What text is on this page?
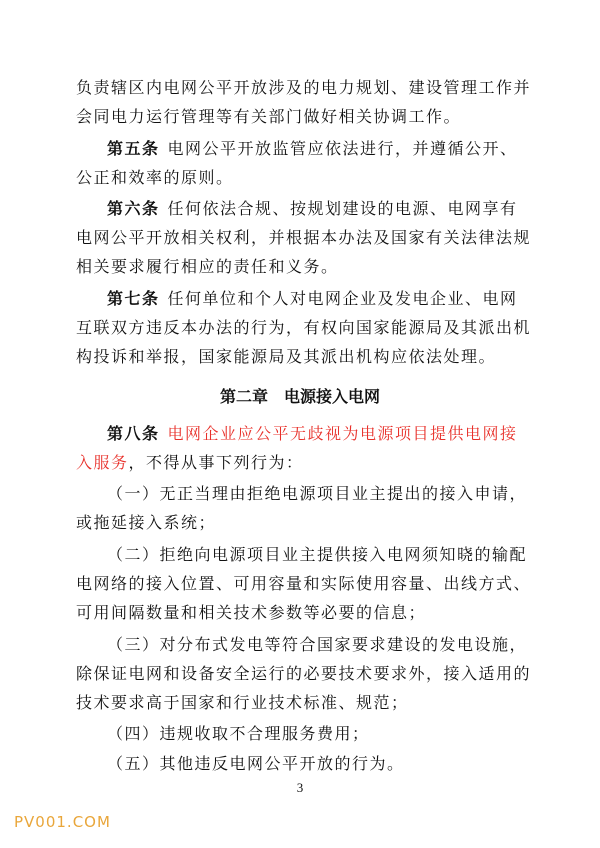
负责辖区内电网公平开放涉及的电力规划、建设管理工作并
会同电力运行管理等有关部门做好相关协调工作。
第五条 电网公平开放监管应依法进行，并遵循公开、
公正和效率的原则。
第六条 任何依法合规、按规划建设的电源、电网享有
电网公平开放相关权利，并根据本办法及国家有关法律法规
相关要求履行相应的责任和义务。
第七条 任何单位和个人对电网企业及发电企业、电网
互联双方违反本办法的行为，有权向国家能源局及其派出机
构投诉和举报，国家能源局及其派出机构应依法处理。
第二章　电源接入电网
第八条 电网企业应公平无歧视为电源项目提供电网接
入服务，不得从事下列行为：
（一）无正当理由拒绝电源项目业主提出的接入申请，
或拖延接入系统；
（二）拒绝向电源项目业主提供接入电网须知晓的输配
电网络的接入位置、可用容量和实际使用容量、出线方式、
可用间隔数量和相关技术参数等必要的信息；
（三）对分布式发电等符合国家要求建设的发电设施，
除保证电网和设备安全运行的必要技术要求外，接入适用的
技术要求高于国家和行业技术标准、规范；
（四）违规收取不合理服务费用；
（五）其他违反电网公平开放的行为。
3
PV001.COM
